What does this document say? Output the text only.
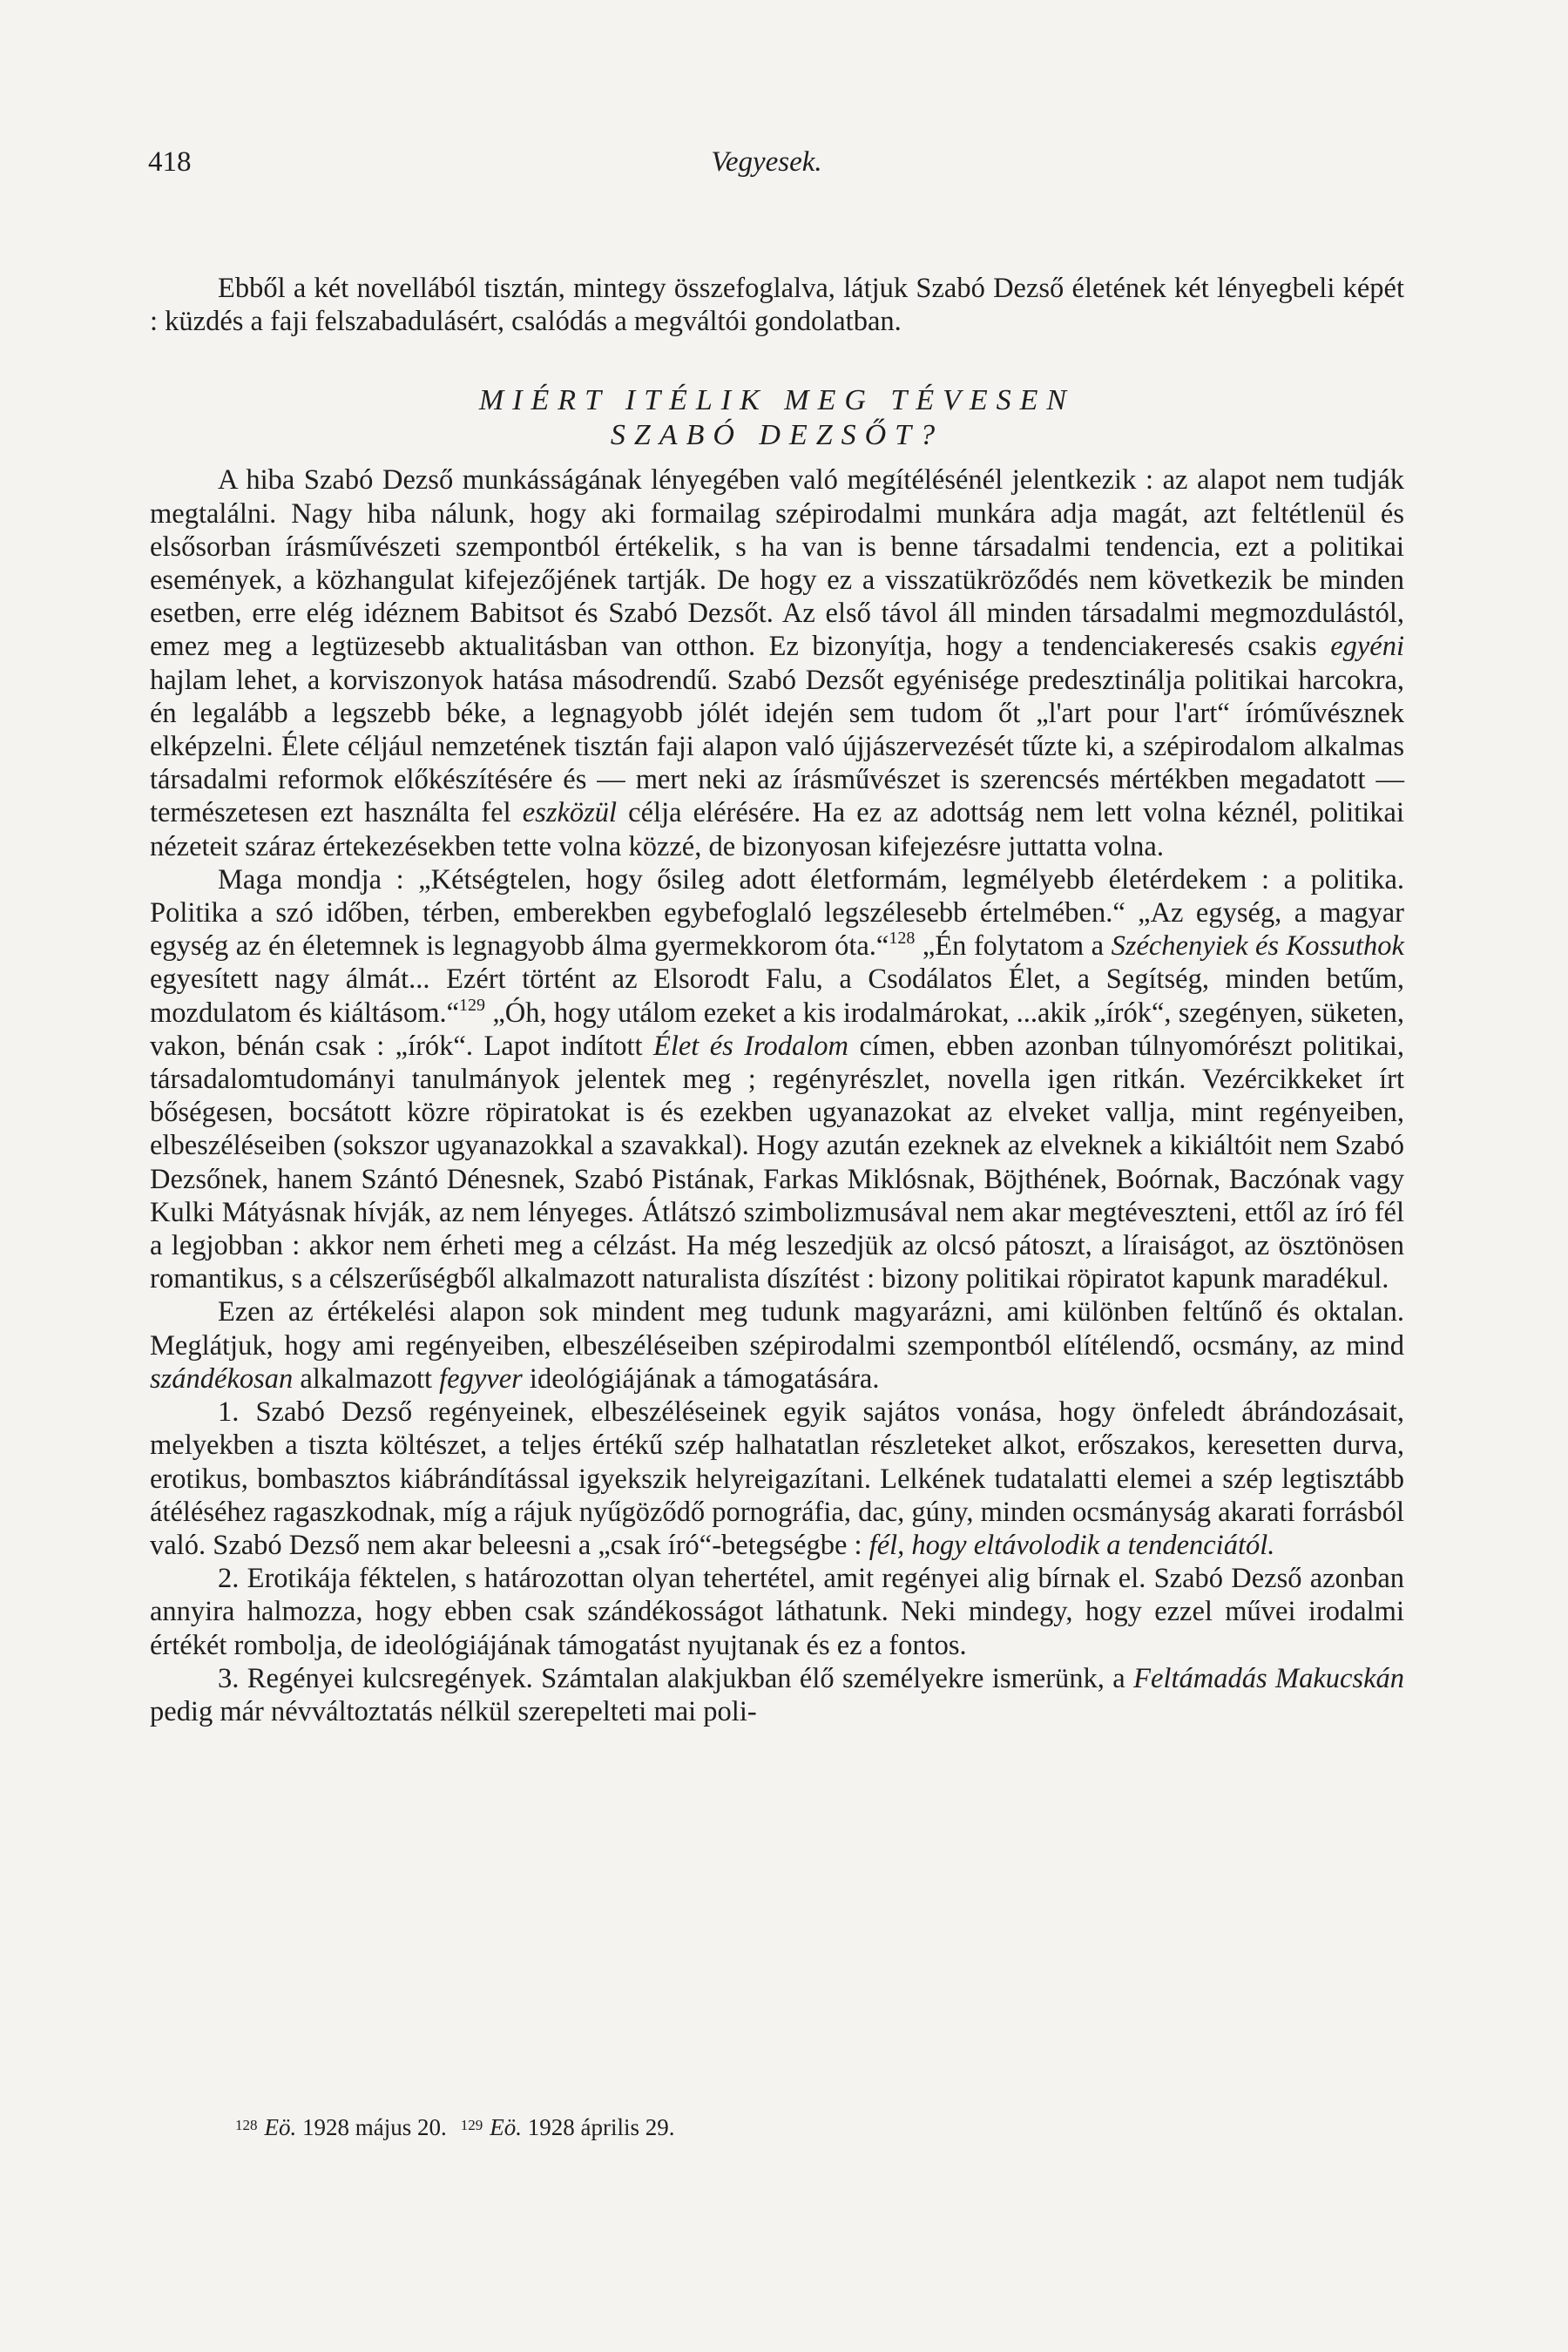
418	Vegyesek.

Ebből a két novellából tisztán, mintegy összefoglalva, látjuk Szabó Dezső életének két lényegbeli képét : küzdés a faji felszabadulásért, csalódás a megváltói gondolatban.

MIÉRT ITÉLIK MEG TÉVESEN
SZABÓ DEZSŐT?

A hiba Szabó Dezső munkásságának lényegében való megítélésénél jelentkezik : az alapot nem tudják megtalálni. Nagy hiba nálunk, hogy aki formailag szépirodalmi munkára adja magát, azt feltétlenül és elsősorban írásművészeti szempontból értékelik, s ha van is benne társadalmi tendencia, ezt a politikai események, a közhangulat kifejezőjének tartják. De hogy ez a visszatükröződés nem következik be minden esetben, erre elég idéznem Babitsot és Szabó Dezsőt. Az első távol áll minden társadalmi megmozdulástól, emez meg a legtüzesebb aktualitásban van otthon. Ez bizonyítja, hogy a tendenciakeresés csakis egyéni hajlam lehet, a korviszonyok hatása másodrendű. Szabó Dezsőt egyénisége predesztinálja politikai harcokra, én legalább a legszebb béke, a legnagyobb jólét idején sem tudom őt „l'art pour l'art“ íróművésznek elképzelni. Élete céljául nemzetének tisztán faji alapon való újjászervezését tűzte ki, a szépirodalom alkalmas társadalmi reformok előkészítésére és — mert neki az írásművészet is szerencsés mértékben megadatott — természetesen ezt használta fel eszközül célja elérésére. Ha ez az adottság nem lett volna kéznél, politikai nézeteit száraz értekezésekben tette volna közzé, de bizonyosan kifejezésre juttatta volna.

Maga mondja : „Kétségtelen, hogy ősileg adott életformám, legmélyebb életérdekem : a politika. Politika a szó időben, térben, emberekben egybefoglaló legszélesebb értelmében.“ „Az egység, a magyar egység az én életemnek is legnagyobb álma gyermekkorom óta.“$^{128}$ „Én folytatom a Széchenyiek és Kossuthok egyesített nagy álmát... Ezért történt az Elsorodt Falu, a Csodálatos Élet, a Segítség, minden betűm, mozdulatom és kiáltásom.“$^{129}$ „Óh, hogy utálom ezeket a kis irodalmárokat, ...akik „írók“, szegényen, süketen, vakon, bénán csak : „írók“. Lapot indított Élet és Irodalom címen, ebben azonban túlnyomórészt politikai, társadalomtudományi tanulmányok jelentek meg ; regényrészlet, novella igen ritkán. Vezércikkeket írt bőségesen, bocsátott közre röpiratokat is és ezekben ugyanazokat az elveket vallja, mint regényeiben, elbeszéléseiben (sokszor ugyanazokkal a szavakkal). Hogy azután ezeknek az elveknek a kikiáltóit nem Szabó Dezsőnek, hanem Szántó Dénesnek, Szabó Pistának, Farkas Miklósnak, Böjthének, Boórnak, Baczónak vagy Kulki Mátyásnak hívják, az nem lényeges. Átlátszó szimbolizmusával nem akar megtéveszteni, ettől az író fél a legjobban : akkor nem érheti meg a célzást. Ha még leszedjük az olcsó pátoszt, a líraiságot, az ösztönösen romantikus, s a célszerűségből alkalmazott naturalista díszítést : bizony politikai röpiratot kapunk maradékul.

Ezen az értékelési alapon sok mindent meg tudunk magyarázni, ami különben feltűnő és oktalan. Meglátjuk, hogy ami regényeiben, elbeszéléseiben szépirodalmi szempontból elítélendő, ocsmány, az mind szándékosan alkalmazott fegyver ideológiájának a támogatására.

1. Szabó Dezső regényeinek, elbeszéléseinek egyik sajátos vonása, hogy önfeledt ábrándozásait, melyekben a tiszta költészet, a teljes értékű szép halhatatlan részleteket alkot, erőszakos, keresetten durva, erotikus, bombasztos kiábrándítással igyekszik helyreigazítani. Lelkének tudatalatti elemei a szép legtisztább átéléséhez ragaszkodnak, míg a rájuk nyűgöződő pornográfia, dac, gúny, minden ocsmányság akarati forrásból való. Szabó Dezső nem akar beleesni a „csak író“-betegségbe : fél, hogy eltávolodik a tendenciától.

2. Erotikája féktelen, s határozottan olyan tehertétel, amit regényei alig bírnak el. Szabó Dezső azonban annyira halmozza, hogy ebben csak szándékosságot láthatunk. Neki mindegy, hogy ezzel művei irodalmi értékét rombolja, de ideológiájának támogatást nyujtanak és ez a fontos.

3. Regényei kulcsregények. Számtalan alakjukban élő személyekre ismerünk, a Feltámadás Makucskán pedig már névváltoztatás nélkül szerepelteti mai poli-

$^{128}$ Eö. 1928 május 20. $^{129}$ Eö. 1928 április 29.
